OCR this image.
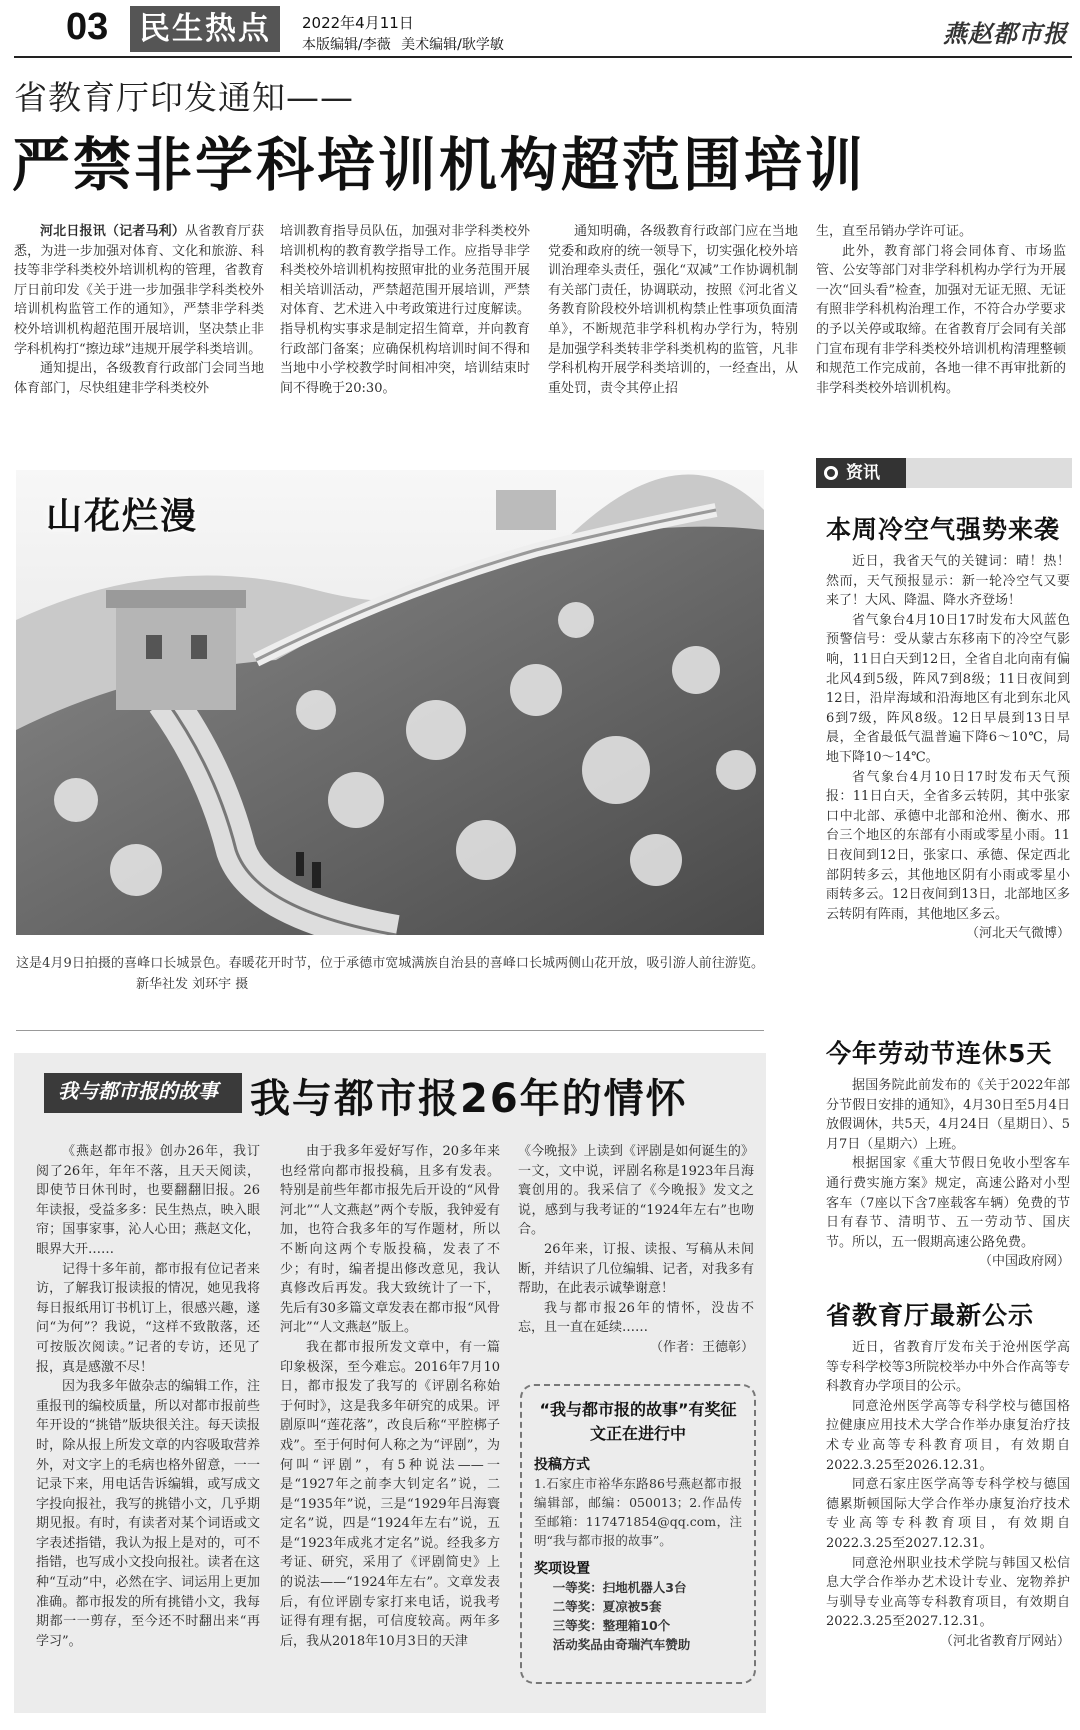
03 民生热点	2022年4月11日
本版编辑/李薇 美术编辑/耿学敏	燕赵都市报
省教育厅印发通知——
严禁非学科培训机构超范围培训

河北日报讯（记者马利）从省教育厅获悉，为进一步加强对体育、文化和旅游、科技等非学科类校外培训机构的管理，省教育厅日前印发《关于进一步加强非学科类校外培训机构监管工作的通知》，严禁非学科类校外培训机构超范围开展培训，坚决禁止非学科机构打“擦边球”违规开展学科类培训。

通知提出，各级教育行政部门会同当地体育部门，尽快组建非学科类校外

培训教育指导员队伍，加强对非学科类校外培训机构的教育教学指导工作。应指导非学科类校外培训机构按照审批的业务范围开展相关培训活动，严禁超范围开展培训，严禁对体育、艺术进入中考政策进行过度解读。指导机构实事求是制定招生简章，并向教育行政部门备案；应确保机构培训时间不得和当地中小学校教学时间相冲突，培训结束时间不得晚于20:30。

通知明确，各级教育行政部门应在当地党委和政府的统一领导下，切实强化校外培训治理牵头责任，强化“双减”工作协调机制有关部门责任，协调联动，按照《河北省义务教育阶段校外培训机构禁止性事项负面清单》，不断规范非学科机构办学行为，特别是加强学科类转非学科类机构的监管，凡非学科机构开展学科类培训的，一经查出，从重处罚，责令其停止招

生，直至吊销办学许可证。

此外，教育部门将会同体育、市场监管、公安等部门对非学科机构办学行为开展一次“回头看”检查，加强对无证无照、无证有照非学科机构治理工作，不符合办学要求的予以关停或取缔。在省教育厅会同有关部门宣布现有非学科类校外培训机构清理整顿和规范工作完成前，各地一律不再审批新的非学科类校外培训机构。

山花烂漫
这是4月9日拍摄的喜峰口长城景色。春暖花开时节，位于承德市宽城满族自治县的喜峰口长城两侧山花开放，吸引游人前往游览。 新华社发 刘环宇 摄
我与都市报的故事 我与都市报26年的情怀

《燕赵都市报》创办26年，我订阅了26年，年年不落，且天天阅读，即使节日休刊时，也要翻翻旧报。26年读报，受益多多：民生热点，映入眼帘；国事家事，沁人心田；燕赵文化，眼界大开……

记得十多年前，都市报有位记者来访，了解我订报读报的情况，她见我将每日报纸用订书机订上，很感兴趣，遂问“为何”？我说，“这样不致散落，还可按版次阅读。”记者的专访，还见了报，真是感激不尽！

因为我多年做杂志的编辑工作，注重报刊的编校质量，所以对都市报前些年开设的“挑错”版块很关注。每天读报时，除从报上所发文章的内容吸取营养外，对文字上的毛病也格外留意，一一记录下来，用电话告诉编辑，或写成文字投向报社，我写的挑错小文，几乎期期见报。有时，有读者对某个词语或文字表述指错，我认为报上是对的，可不指错，也写成小文投向报社。读者在这种“互动”中，必然在字、词运用上更加准确。都市报发的所有挑错小文，我每期都一一剪存，至今还不时翻出来“再学习”。

由于我多年爱好写作，20多年来也经常向都市报投稿，且多有发表。特别是前些年都市报先后开设的“风骨河北”“人文燕赵”两个专版，我钟爱有加，也符合我多年的写作题材，所以不断向这两个专版投稿，发表了不少；有时，编者提出修改意见，我认真修改后再发。我大致统计了一下，先后有30多篇文章发表在都市报“风骨河北”“人文燕赵”版上。

我在都市报所发文章中，有一篇印象极深，至今难忘。2016年7月10日，都市报发了我写的《评剧名称始于何时》，这是我多年研究的成果。评剧原叫“莲花落”，改良后称“平腔梆子戏”。至于何时何人称之为“评剧”，为何叫“评剧”，有5种说法——一是“1927年之前李大钊定名”说，二是“1935年”说，三是“1929年吕海寰定名”说，四是“1924年左右”说，五是“1923年成兆才定名”说。经我多方考证、研究，采用了《评剧简史》上的说法——“1924年左右”。文章发表后，有位评剧专家打来电话，说我考证得有理有据，可信度较高。两年多后，我从2018年10月3日的天津

《今晚报》上读到《评剧是如何诞生的》一文，文中说，评剧名称是1923年吕海寰创用的。我采信了《今晚报》发文之说，感到与我考证的“1924年左右”也吻合。

26年来，订报、读报、写稿从未间断，并结识了几位编辑、记者，对我多有帮助，在此表示诚挚谢意！

我与都市报26年的情怀，没齿不忘，且一直在延续……

（作者：王德彰）

“我与都市报的故事”有奖征文正在进行中
投稿方式

1.石家庄市裕华东路86号燕赵都市报编辑部，邮编：050013；2.作品传至邮箱：117471854@qq.com，注明“我与都市报的故事”。

奖项设置

一等奖：扫地机器人3台

二等奖：夏凉被5套

三等奖：整理箱10个

活动奖品由奇瑞汽车赞助

资讯
本周冷空气强势来袭

近日，我省天气的关键词：晴！热！然而，天气预报显示：新一轮冷空气又要来了！大风、降温、降水齐登场！

省气象台4月10日17时发布大风蓝色预警信号：受从蒙古东移南下的冷空气影响，11日白天到12日，全省自北向南有偏北风4到5级，阵风7到8级；11日夜间到12日，沿岸海域和沿海地区有北到东北风6到7级，阵风8级。12日早晨到13日早晨，全省最低气温普遍下降6～10℃，局地下降10～14℃。

省气象台4月10日17时发布天气预报：11日白天，全省多云转阴，其中张家口中北部、承德中北部和沧州、衡水、邢台三个地区的东部有小雨或零星小雨。11日夜间到12日，张家口、承德、保定西北部阴转多云，其他地区阴有小雨或零星小雨转多云。12日夜间到13日，北部地区多云转阴有阵雨，其他地区多云。

（河北天气微博）

今年劳动节连休5天

据国务院此前发布的《关于2022年部分节假日安排的通知》，4月30日至5月4日放假调休，共5天，4月24日（星期日）、5月7日（星期六）上班。

根据国家《重大节假日免收小型客车通行费实施方案》规定，高速公路对小型客车（7座以下含7座载客车辆）免费的节日有春节、清明节、五一劳动节、国庆节。所以，五一假期高速公路免费。

（中国政府网）

省教育厅最新公示

近日，省教育厅发布关于沧州医学高等专科学校等3所院校举办中外合作高等专科教育办学项目的公示。

同意沧州医学高等专科学校与德国格拉健康应用技术大学合作举办康复治疗技术专业高等专科教育项目，有效期自2022.3.25至2026.12.31。

同意石家庄医学高等专科学校与德国德累斯顿国际大学合作举办康复治疗技术专业高等专科教育项目，有效期自2022.3.25至2027.12.31。

同意沧州职业技术学院与韩国又松信息大学合作举办艺术设计专业、宠物养护与驯导专业高等专科教育项目，有效期自2022.3.25至2027.12.31。

（河北省教育厅网站）
